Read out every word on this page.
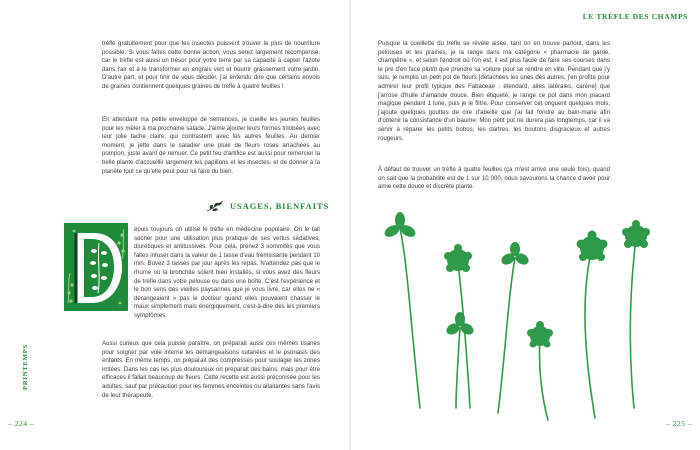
trèfle gratuitement pour que les insectes puissent trouver le plus de nourriture possible. Si vous faites cette bonne action, vous serez largement récompensé, car le trèfle est aussi un trésor pour votre terre par sa capacité à capter l'azote dans l'air et à le transformer en engrais vert et nourrir grassement votre jardin. D'autre part, et pour finir de vous décider, j'ai entendu dire que certains envois de graines contiennent quelques graines de trèfle à quatre feuilles !

En attendant ma petite enveloppe de semences, je cueille les jeunes feuilles pour les mêler à ma prochaine salade. J'aime ajouter leurs formes trilobées avec leur jolie tache claire, qui contrastent avec les autres feuilles. Au dernier moment, je jette dans le saladier une pluie de fleurs roses arrachées au pompon, juste avant de remuer. Ce petit feu d'artifice est aussi pour remercier la belle plante d'accueillir largement les papillons et les insectes, et de donner à la planète tout ce qu'elle peut pour lui faire du bien.

USAGES, BIENFAITS

epuis toujours on utilise le trèfle en médecine populaire. On le fait sécher pour une utilisation plus pratique de ses vertus sédatives, diurétiques et antitussives. Pour cela, prenez 3 sommités que vous faites infuser dans la valeur de 1 tasse d'eau frémissante pendant 10 min. Buvez 3 tasses par jour après les repas. N'attendez pas que le rhume ou la bronchite soient bien installés, si vous avez des fleurs de trèfle dans votre pelouse ou dans une boîte. C'est l'expérience et le bon sens des vieilles paysannes que je vous livre, car elles ne « dérangeaient » pas le docteur quand elles pouvaient chasser le maux simplement mais énergiquement, c'est-à-dire dès les premiers symptômes.

Aussi curieux que cela puisse paraître, on préparait aussi ces mêmes tisanes pour soigner par voie interne les démangeaisons cutanées et le psoriasis des enfants. En même temps, on préparait des compresses pour soulager les zones irritées. Dans les cas les plus douloureux on préparait des bains, mais pour être efficaces il fallait beaucoup de fleurs. Cette recette est aussi préconisée pour les adultes, sauf par précaution pour les femmes enceintes ou allaitantes sans l'avis de leur thérapeute.

PRINTEMPS

– 224 –

LE TRÈFLE DES CHAMPS

Puisque la cueillette du trèfle se révèle aisée, tant on en trouve partout, dans les pelouses et les prairies, je la range dans ma catégorie « pharmacie de garde, champêtre », et selon l'endroit où l'on est, il est plus facile de faire ses courses dans le pré d'en face plutôt que prendre sa voiture pour se rendre en ville. Pendant que j'y suis, je remplis un petit pot de fleurs [détachées les unes des autres, j'en profite pour admirer leur profil typique des Fabaceae : étendard, ailes latérales, carène] que j'arrose d'huile d'amande douce. Bien étiqueté, je range ce pot dans mon placard magique pendant 1 lune, puis je le filtre. Pour conserver cet onguent quelques mois, j'ajoute quelques gouttes de cire d'abeille que j'ai fait fondre au bain-marie afin d'obtenir la consistance d'un baume. Mon petit pot ne durera pas longtemps, car il va servir à réparer les petits bobos, les dartres, les boutons disgracieux et autres rougeurs.

À défaut de trouver un trèfle à quatre feuilles (ça m'est arrivé une seule fois), quand on sait que la probabilité est de 1 sur 10 000, nous savourons la chance d'avoir pour amie cette douce et discrète plante.

– 225 –
